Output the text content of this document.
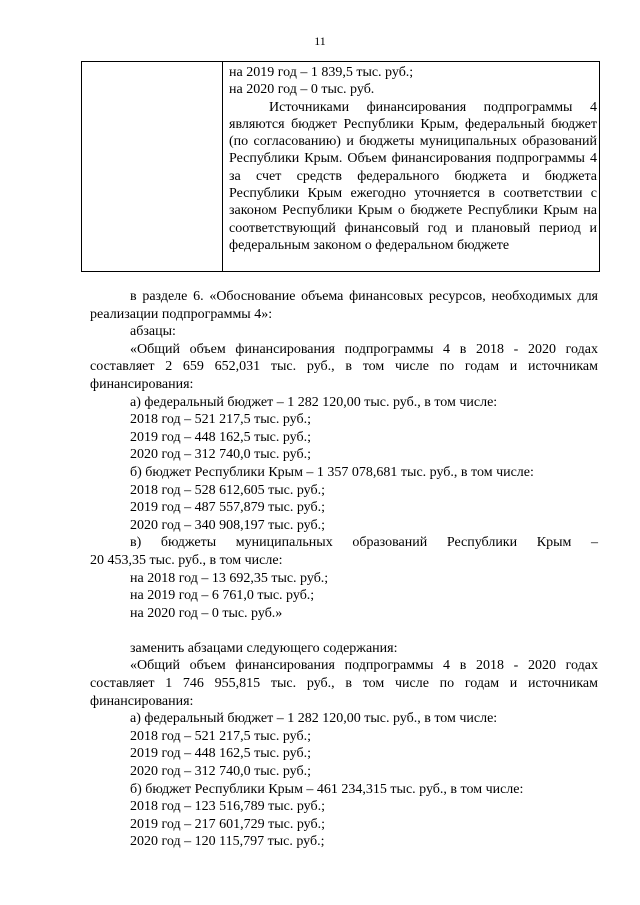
11

на 2019 год – 1 839,5 тыс. руб.;

на 2020 год – 0 тыс. руб.

Источниками финансирования подпрограммы 4 являются бюджет Республики Крым, федеральный бюджет (по согласованию) и бюджеты муниципальных образований Республики Крым. Объем финансирования подпрограммы 4 за счет средств федерального бюджета и бюджета Республики Крым ежегодно уточняется в соответствии с законом Республики Крым о бюджете Республики Крым на соответствующий финансовый год и плановый период и федеральным законом о федеральном бюджете

в разделе 6. «Обоснование объема финансовых ресурсов, необходимых для реализации подпрограммы 4»:

абзацы:

«Общий объем финансирования подпрограммы 4 в 2018 - 2020 годах составляет 2 659 652,031 тыс. руб., в том числе по годам и источникам финансирования:

а) федеральный бюджет – 1 282 120,00 тыс. руб., в том числе:

2018 год – 521 217,5 тыс. руб.;

2019 год – 448 162,5 тыс. руб.;

2020 год – 312 740,0 тыс. руб.;

б) бюджет Республики Крым – 1 357 078,681 тыс. руб., в том числе:

2018 год – 528 612,605 тыс. руб.;

2019 год – 487 557,879 тыс. руб.;

2020 год – 340 908,197 тыс. руб.;

в) бюджеты муниципальных образований Республики Крым –

20 453,35 тыс. руб., в том числе:

на 2018 год – 13 692,35 тыс. руб.;

на 2019 год – 6 761,0 тыс. руб.;

на 2020 год – 0 тыс. руб.»

заменить абзацами следующего содержания:

«Общий объем финансирования подпрограммы 4 в 2018 - 2020 годах составляет 1 746 955,815 тыс. руб., в том числе по годам и источникам финансирования:

а) федеральный бюджет – 1 282 120,00 тыс. руб., в том числе:

2018 год – 521 217,5 тыс. руб.;

2019 год – 448 162,5 тыс. руб.;

2020 год – 312 740,0 тыс. руб.;

б) бюджет Республики Крым – 461 234,315 тыс. руб., в том числе:

2018 год – 123 516,789 тыс. руб.;

2019 год – 217 601,729 тыс. руб.;

2020 год – 120 115,797 тыс. руб.;
